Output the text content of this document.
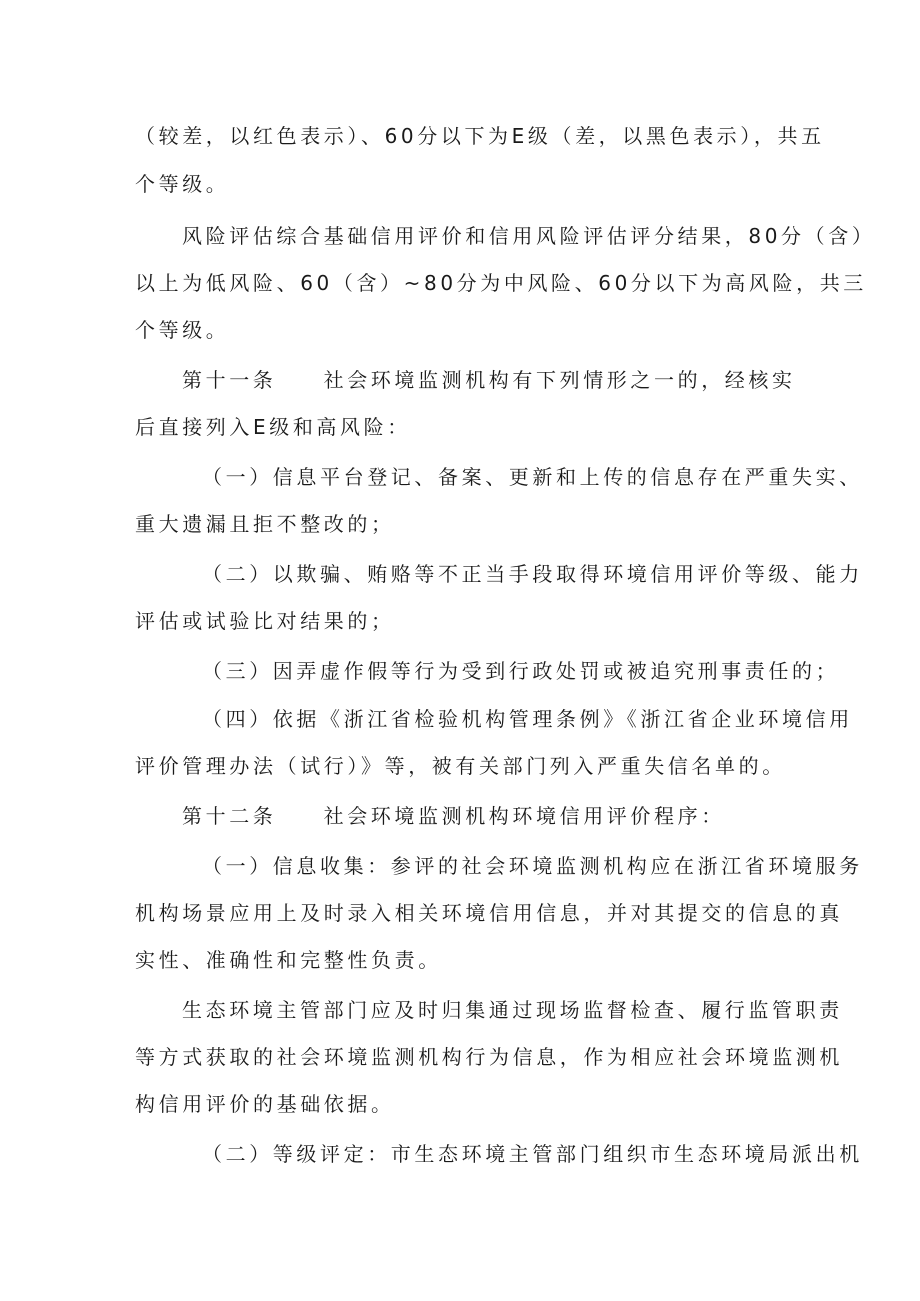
（较差，以红色表示）、60分以下为E级（差，以黑色表示），共五
个等级。
风险评估综合基础信用评价和信用风险评估评分结果，80分（含）
以上为低风险、60（含）~80分为中风险、60分以下为高风险，共三
个等级。
第十一条　　社会环境监测机构有下列情形之一的，经核实
后直接列入E级和高风险：
（一）信息平台登记、备案、更新和上传的信息存在严重失实、
重大遗漏且拒不整改的；
（二）以欺骗、贿赂等不正当手段取得环境信用评价等级、能力
评估或试验比对结果的；
（三）因弄虚作假等行为受到行政处罚或被追究刑事责任的；
（四）依据《浙江省检验机构管理条例》《浙江省企业环境信用
评价管理办法（试行）》等，被有关部门列入严重失信名单的。
第十二条　　社会环境监测机构环境信用评价程序：
（一）信息收集：参评的社会环境监测机构应在浙江省环境服务
机构场景应用上及时录入相关环境信用信息，并对其提交的信息的真
实性、准确性和完整性负责。
生态环境主管部门应及时归集通过现场监督检查、履行监管职责
等方式获取的社会环境监测机构行为信息，作为相应社会环境监测机
构信用评价的基础依据。
（二）等级评定：市生态环境主管部门组织市生态环境局派出机
